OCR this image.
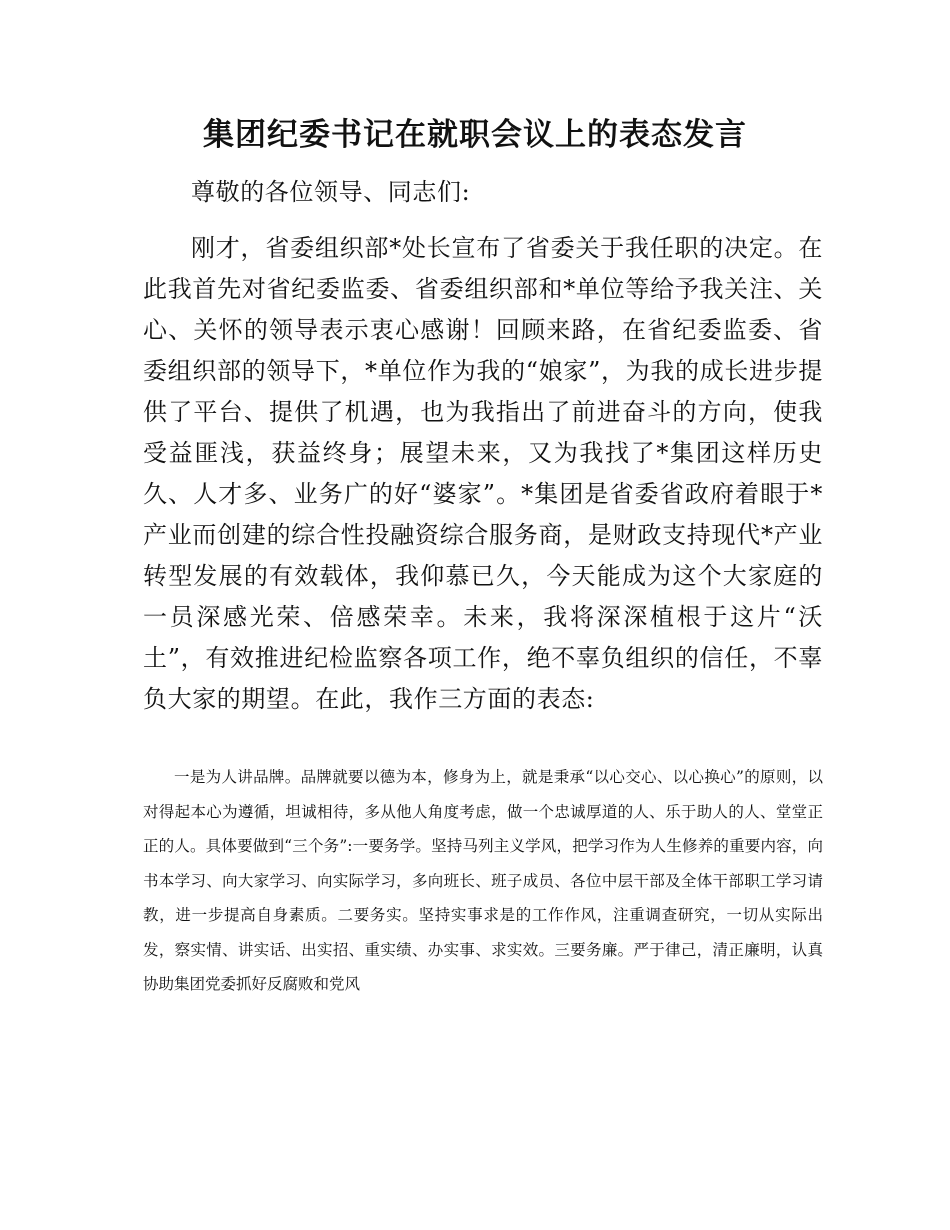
集团纪委书记在就职会议上的表态发言

尊敬的各位领导、同志们:

刚才，省委组织部*处长宣布了省委关于我任职的决定。在此我首先对省纪委监委、省委组织部和*单位等给予我关注、关心、关怀的领导表示衷心感谢！回顾来路，在省纪委监委、省委组织部的领导下，*单位作为我的“娘家”，为我的成长进步提供了平台、提供了机遇，也为我指出了前进奋斗的方向，使我受益匪浅，获益终身；展望未来，又为我找了*集团这样历史久、人才多、业务广的好“婆家”。*集团是省委省政府着眼于*产业而创建的综合性投融资综合服务商，是财政支持现代*产业转型发展的有效载体，我仰慕已久，今天能成为这个大家庭的一员深感光荣、倍感荣幸。未来，我将深深植根于这片“沃土”，有效推进纪检监察各项工作，绝不辜负组织的信任，不辜负大家的期望。在此，我作三方面的表态:

一是为人讲品牌。品牌就要以德为本，修身为上，就是秉承“以心交心、以心换心”的原则，以对得起本心为遵循，坦诚相待，多从他人角度考虑，做一个忠诚厚道的人、乐于助人的人、堂堂正正的人。具体要做到“三个务”:一要务学。坚持马列主义学风，把学习作为人生修养的重要内容，向书本学习、向大家学习、向实际学习，多向班长、班子成员、各位中层干部及全体干部职工学习请教，进一步提高自身素质。二要务实。坚持实事求是的工作作风，注重调查研究，一切从实际出发，察实情、讲实话、出实招、重实绩、办实事、求实效。三要务廉。严于律己，清正廉明，认真协助集团党委抓好反腐败和党风
